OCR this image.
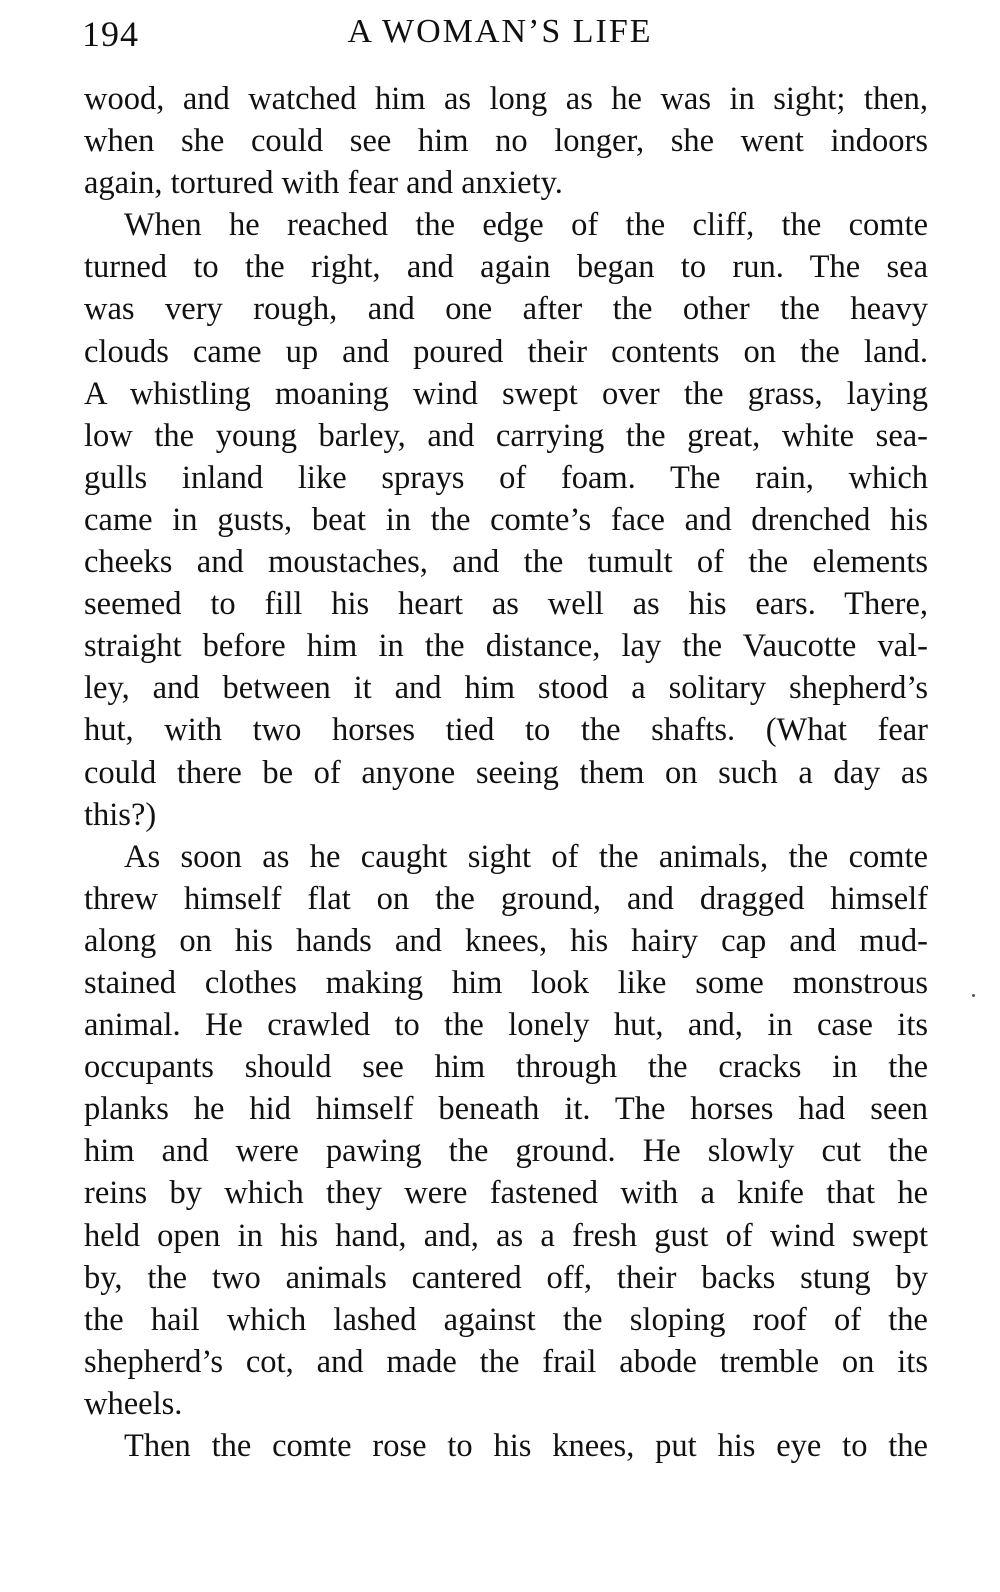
194	A WOMAN’S LIFE
wood, and watched him as long as he was in sight; then,
when she could see him no longer, she went indoors
again, tortured with fear and anxiety.
When he reached the edge of the cliff, the comte
turned to the right, and again began to run. The sea
was very rough, and one after the other the heavy
clouds came up and poured their contents on the land.
A whistling moaning wind swept over the grass, laying
low the young barley, and carrying the great, white sea-
gulls inland like sprays of foam. The rain, which
came in gusts, beat in the comte’s face and drenched his
cheeks and moustaches, and the tumult of the elements
seemed to fill his heart as well as his ears. There,
straight before him in the distance, lay the Vaucotte val-
ley, and between it and him stood a solitary shepherd’s
hut, with two horses tied to the shafts. (What fear
could there be of anyone seeing them on such a day as
this?)
As soon as he caught sight of the animals, the comte
threw himself flat on the ground, and dragged himself
along on his hands and knees, his hairy cap and mud-
stained clothes making him look like some monstrous
animal. He crawled to the lonely hut, and, in case its
occupants should see him through the cracks in the
planks he hid himself beneath it. The horses had seen
him and were pawing the ground. He slowly cut the
reins by which they were fastened with a knife that he
held open in his hand, and, as a fresh gust of wind swept
by, the two animals cantered off, their backs stung by
the hail which lashed against the sloping roof of the
shepherd’s cot, and made the frail abode tremble on its
wheels.
Then the comte rose to his knees, put his eye to the
